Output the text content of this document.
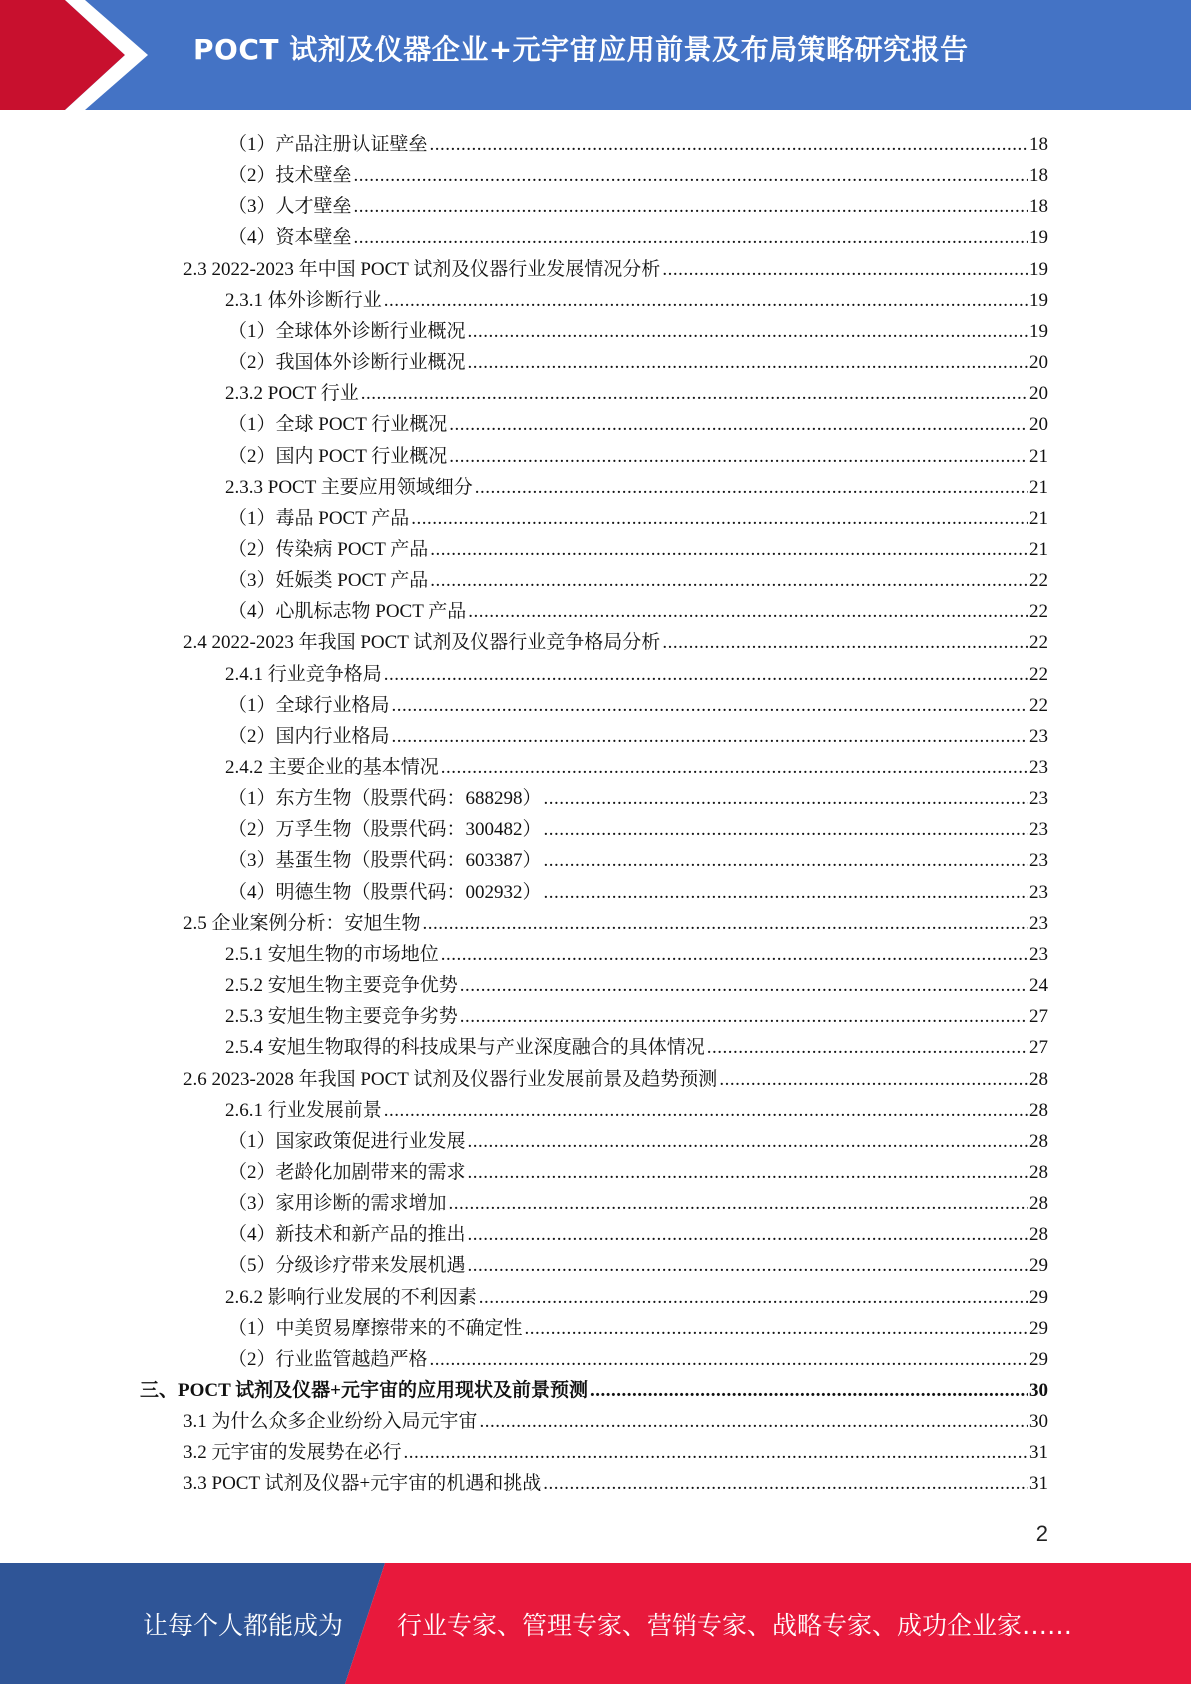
POCT 试剂及仪器企业+元宇宙应用前景及布局策略研究报告
（1）产品注册认证壁垒 .....	18
（2）技术壁垒 .....	18
（3）人才壁垒 .....	18
（4）资本壁垒 .....	19
2.3 2022-2023 年中国 POCT 试剂及仪器行业发展情况分析 .....	19
2.3.1 体外诊断行业 .....	19
（1）全球体外诊断行业概况 .....	19
（2）我国体外诊断行业概况 .....	20
2.3.2 POCT 行业 .....	20
（1）全球 POCT 行业概况 .....	20
（2）国内 POCT 行业概况 .....	21
2.3.3 POCT 主要应用领域细分 .....	21
（1）毒品 POCT 产品 .....	21
（2）传染病 POCT 产品 .....	21
（3）妊娠类 POCT 产品 .....	22
（4）心肌标志物 POCT 产品 .....	22
2.4 2022-2023 年我国 POCT 试剂及仪器行业竞争格局分析 .....	22
2.4.1 行业竞争格局 .....	22
（1）全球行业格局 .....	22
（2）国内行业格局 .....	23
2.4.2 主要企业的基本情况 .....	23
（1）东方生物（股票代码：688298） .....	23
（2）万孚生物（股票代码：300482） .....	23
（3）基蛋生物（股票代码：603387） .....	23
（4）明德生物（股票代码：002932） .....	23
2.5 企业案例分析：安旭生物 .....	23
2.5.1 安旭生物的市场地位 .....	23
2.5.2 安旭生物主要竞争优势 .....	24
2.5.3 安旭生物主要竞争劣势 .....	27
2.5.4 安旭生物取得的科技成果与产业深度融合的具体情况 .....	27
2.6 2023-2028 年我国 POCT 试剂及仪器行业发展前景及趋势预测 .....	28
2.6.1 行业发展前景 .....	28
（1）国家政策促进行业发展 .....	28
（2）老龄化加剧带来的需求 .....	28
（3）家用诊断的需求增加 .....	28
（4）新技术和新产品的推出 .....	28
（5）分级诊疗带来发展机遇 .....	29
2.6.2 影响行业发展的不利因素 .....	29
（1）中美贸易摩擦带来的不确定性 .....	29
（2）行业监管越趋严格 .....	29
三、POCT 试剂及仪器+元宇宙的应用现状及前景预测 .....	30
3.1 为什么众多企业纷纷入局元宇宙 .....	30
3.2 元宇宙的发展势在必行 .....	31
3.3 POCT 试剂及仪器+元宇宙的机遇和挑战 .....	31
2
让每个人都能成为 行业专家、管理专家、营销专家、战略专家、成功企业家……
